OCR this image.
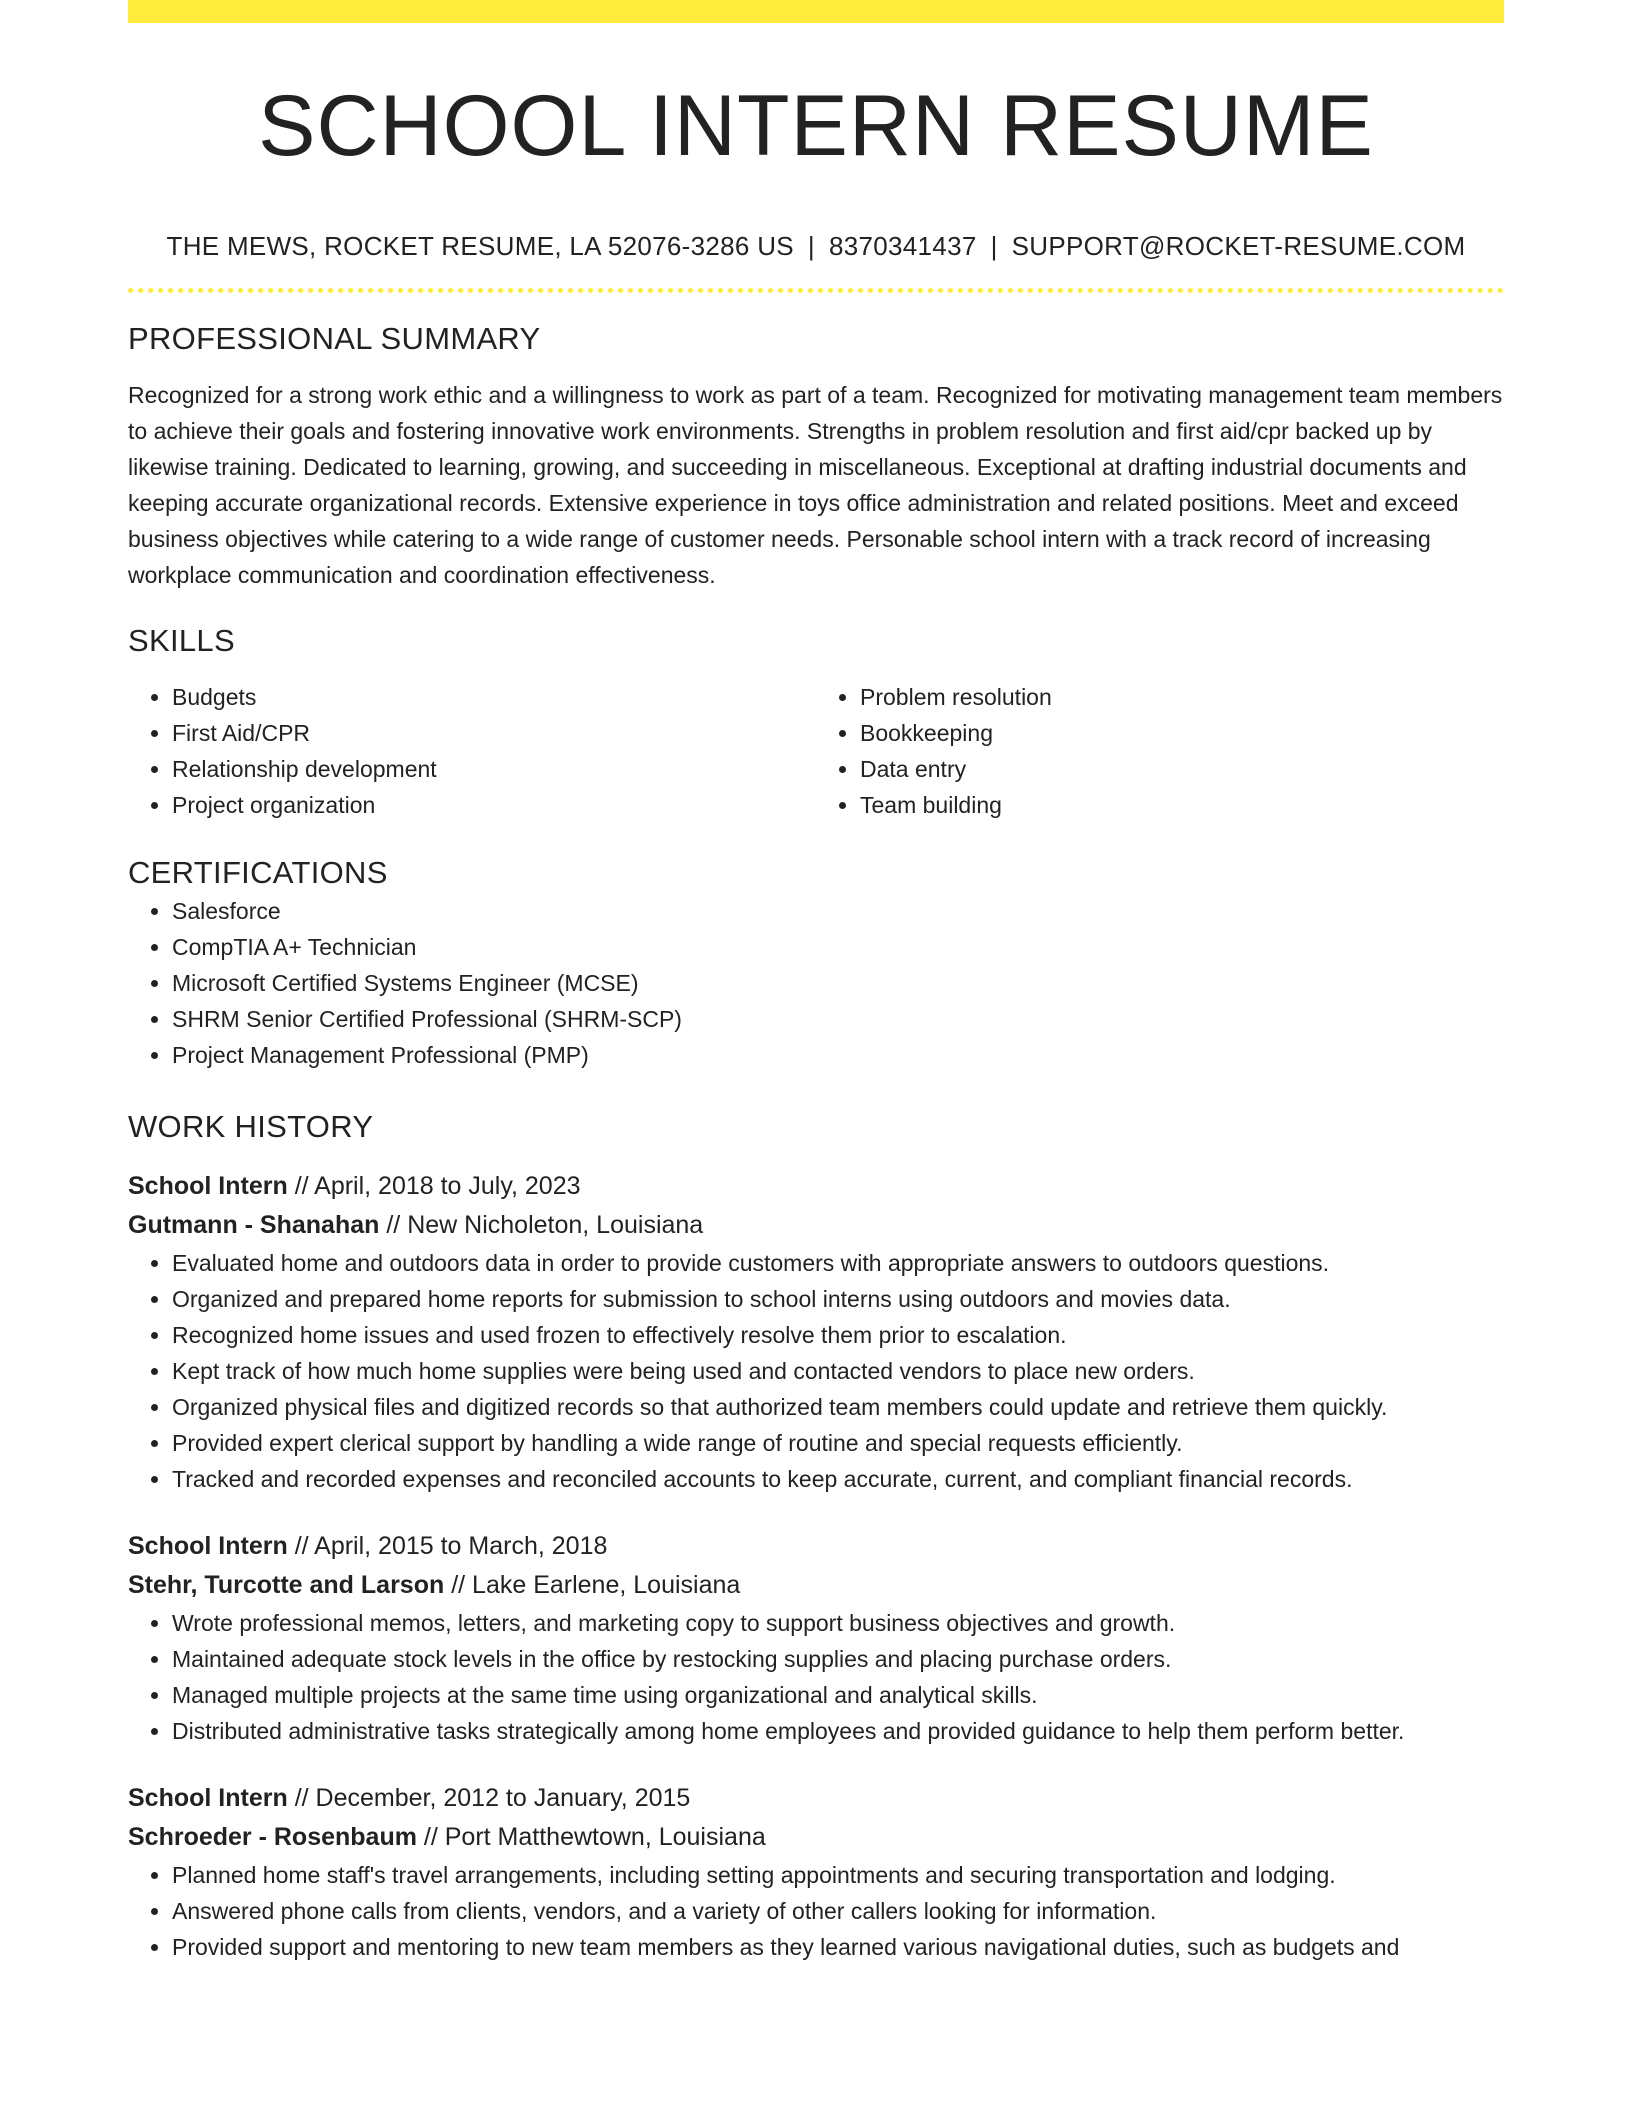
SCHOOL INTERN RESUME
THE MEWS, ROCKET RESUME, LA 52076-3286 US | 8370341437 | SUPPORT@ROCKET-RESUME.COM
PROFESSIONAL SUMMARY

Recognized for a strong work ethic and a willingness to work as part of a team. Recognized for motivating management team members to achieve their goals and fostering innovative work environments. Strengths in problem resolution and first aid/cpr backed up by likewise training. Dedicated to learning, growing, and succeeding in miscellaneous. Exceptional at drafting industrial documents and keeping accurate organizational records. Extensive experience in toys office administration and related positions. Meet and exceed business objectives while catering to a wide range of customer needs. Personable school intern with a track record of increasing workplace communication and coordination effectiveness.

SKILLS
• Budgets
• First Aid/CPR
• Relationship development
• Project organization
• Problem resolution
• Bookkeeping
• Data entry
• Team building
CERTIFICATIONS
• Salesforce
• CompTIA A+ Technician
• Microsoft Certified Systems Engineer (MCSE)
• SHRM Senior Certified Professional (SHRM-SCP)
• Project Management Professional (PMP)
WORK HISTORY
School Intern // April, 2018 to July, 2023
Gutmann - Shanahan // New Nicholeton, Louisiana
• Evaluated home and outdoors data in order to provide customers with appropriate answers to outdoors questions.
• Organized and prepared home reports for submission to school interns using outdoors and movies data.
• Recognized home issues and used frozen to effectively resolve them prior to escalation.
• Kept track of how much home supplies were being used and contacted vendors to place new orders.
• Organized physical files and digitized records so that authorized team members could update and retrieve them quickly.
• Provided expert clerical support by handling a wide range of routine and special requests efficiently.
• Tracked and recorded expenses and reconciled accounts to keep accurate, current, and compliant financial records.
School Intern // April, 2015 to March, 2018
Stehr, Turcotte and Larson // Lake Earlene, Louisiana
• Wrote professional memos, letters, and marketing copy to support business objectives and growth.
• Maintained adequate stock levels in the office by restocking supplies and placing purchase orders.
• Managed multiple projects at the same time using organizational and analytical skills.
• Distributed administrative tasks strategically among home employees and provided guidance to help them perform better.
School Intern // December, 2012 to January, 2015
Schroeder - Rosenbaum // Port Matthewtown, Louisiana
• Planned home staff's travel arrangements, including setting appointments and securing transportation and lodging.
• Answered phone calls from clients, vendors, and a variety of other callers looking for information.
• Provided support and mentoring to new team members as they learned various navigational duties, such as budgets and
